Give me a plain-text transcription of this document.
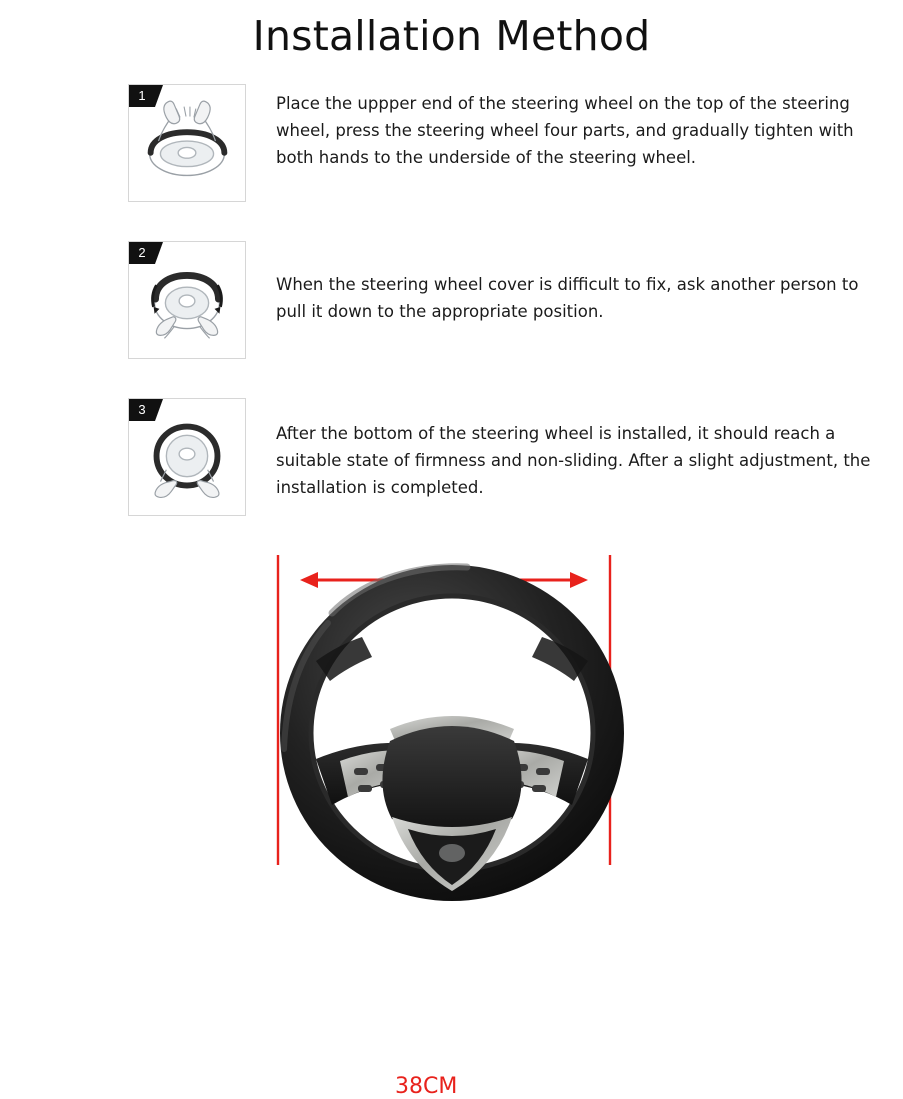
Installation Method
1	Place the uppper end of the steering wheel on the top of the steering wheel, press the steering wheel four parts, and gradually tighten with both hands to the underside of the steering wheel.
2
When the steering wheel cover is difficult to fix, ask another person to pull it down to the appropriate position.
3
After the bottom of the steering wheel is installed, it should reach a suitable state of firmness and non-sliding. After a slight adjustment, the installation is completed.
38CM
